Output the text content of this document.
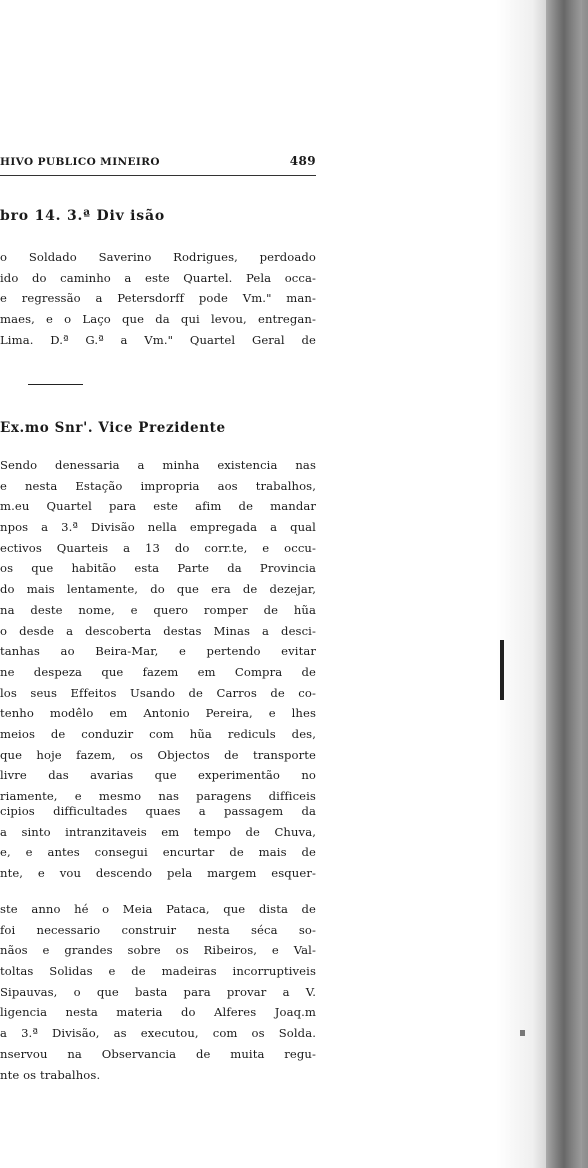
HIVO PUBLICO MINEIRO	489
bro 14. 3.ª Div isão
o Soldado Saverino Rodrigues, perdoado
ido do caminho a este Quartel. Pela occa-
e regressão a Petersdorff pode Vm." man-
maes, e o Laço que da qui levou, entregan-
Lima. D.ª G.ª a Vm." Quartel Geral de
Ex.mo Snr'. Vice Prezidente
Sendo denessaria a minha existencia nas
e nesta Estação impropria aos trabalhos,
m.eu Quartel para este afim de mandar
npos a 3.ª Divisão nella empregada a qual
ectivos Quarteis a 13 do corr.te, e occu-
os que habitão esta Parte da Provincia
do mais lentamente, do que era de dezejar,
na deste nome, e quero romper de hũa
o desde a descoberta destas Minas a desci-
tanhas ao Beira-Mar, e pertendo evitar
ne despeza que fazem em Compra de
los seus Effeitos Usando de Carros de co-
tenho modêlo em Antonio Pereira, e lhes
meios de conduzir com hũa rediculs des,
que hoje fazem, os Objectos de transporte
livre das avarias que experimentão no
riamente, e mesmo nas paragens difficeis
cipios difficultades quaes a passagem da
a sinto intranzitaveis em tempo de Chuva,
e, e antes consegui encurtar de mais de
nte, e vou descendo pela margem esquer-
ste anno hé o Meia Pataca, que dista de
foi necessario construir nesta séca so-
nãos e grandes sobre os Ribeiros, e Val-
toltas Solidas e de madeiras incorruptiveis
Sipauvas, o que basta para provar a V.
ligencia nesta materia do Alferes Joaq.m
a 3.ª Divisão, as executou, com os Solda.
nservou na Observancia de muita regu-
nte os trabalhos.
